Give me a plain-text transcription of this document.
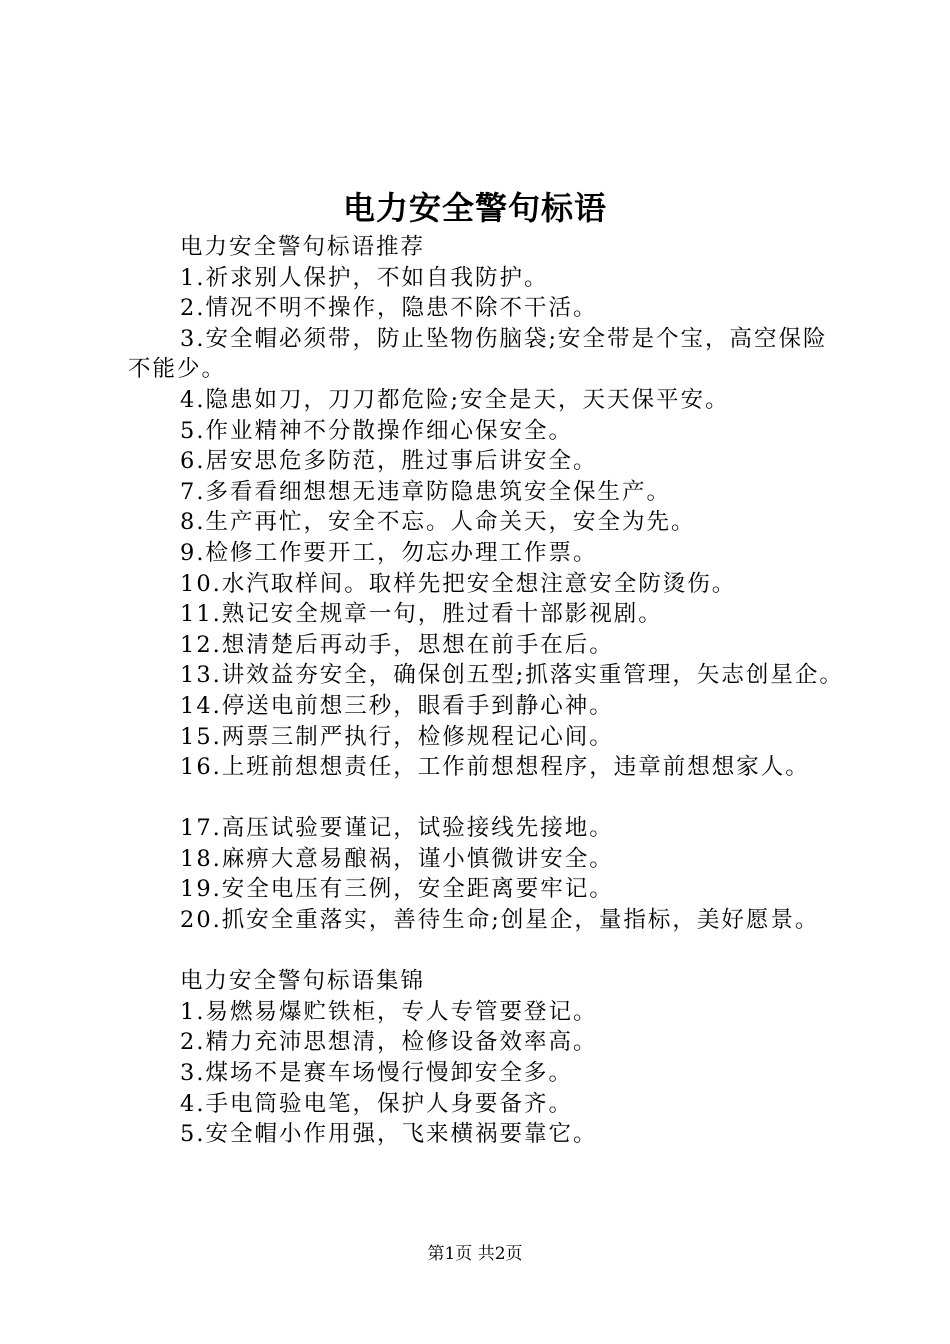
电力安全警句标语

电力安全警句标语推荐

1.祈求别人保护，不如自我防护。

2.情况不明不操作，隐患不除不干活。

3.安全帽必须带，防止坠物伤脑袋;安全带是个宝，高空保险不能少。

4.隐患如刀，刀刀都危险;安全是天，天天保平安。

5.作业精神不分散操作细心保安全。

6.居安思危多防范，胜过事后讲安全。

7.多看看细想想无违章防隐患筑安全保生产。

8.生产再忙，安全不忘。人命关天，安全为先。

9.检修工作要开工，勿忘办理工作票。

10.水汽取样间。取样先把安全想注意安全防烫伤。

11.熟记安全规章一句，胜过看十部影视剧。

12.想清楚后再动手，思想在前手在后。

13.讲效益夯安全，确保创五型;抓落实重管理，矢志创星企。

14.停送电前想三秒，眼看手到静心神。

15.两票三制严执行，检修规程记心间。

16.上班前想想责任，工作前想想程序，违章前想想家人。

17.高压试验要谨记，试验接线先接地。

18.麻痹大意易酿祸，谨小慎微讲安全。

19.安全电压有三例，安全距离要牢记。

20.抓安全重落实，善待生命;创星企，量指标，美好愿景。

电力安全警句标语集锦

1.易燃易爆贮铁柜，专人专管要登记。

2.精力充沛思想清，检修设备效率高。

3.煤场不是赛车场慢行慢卸安全多。

4.手电筒验电笔，保护人身要备齐。

5.安全帽小作用强，飞来横祸要靠它。

第1页 共2页
